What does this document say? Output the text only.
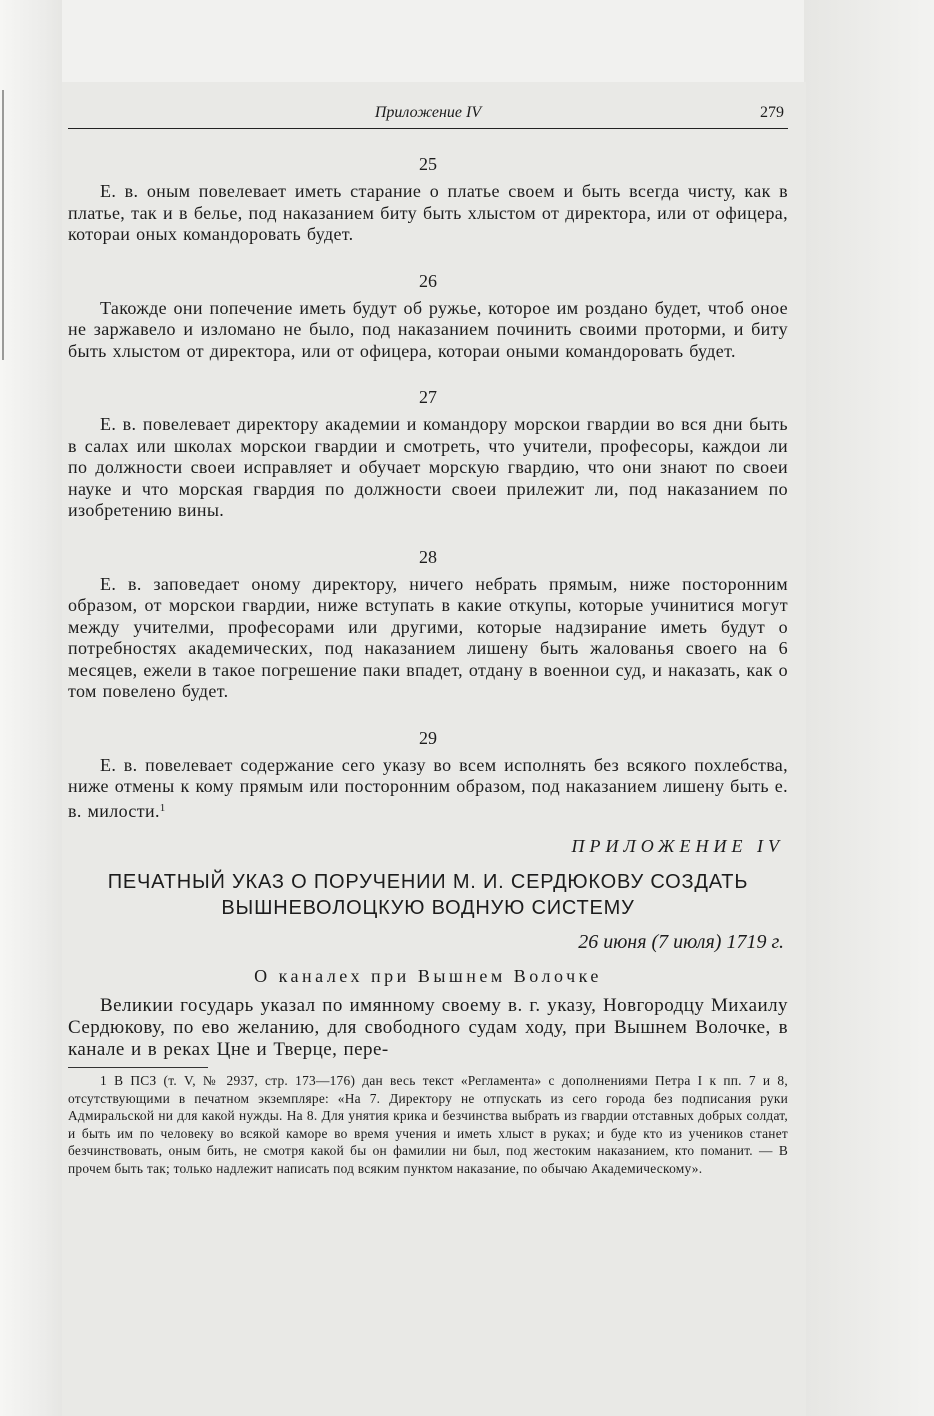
Приложение IV	279
25

Е. в. оным повелевает иметь старание о платье своем и быть всегда чисту, как в платье, так и в белье, под наказанием биту быть хлыстом от директора, или от офицера, котораи оных командоровать будет.

26

Такожде они попечение иметь будут об ружье, которое им роздано будет, чтоб оное не заржавело и изломано не было, под наказанием починить своими проторми, и биту быть хлыстом от директора, или от офицера, котораи оными командоровать будет.

27

Е. в. повелевает директору академии и командору морскои гвардии во вся дни быть в салах или школах морскои гвардии и смотреть, что учители, професоры, каждои ли по должности своеи исправляет и обучает морскую гвардию, что они знают по своеи науке и что морская гвардия по должности своеи прилежит ли, под наказанием по изобретению вины.

28

Е. в. заповедает оному директору, ничего небрать прямым, ниже посторонним образом, от морскои гвардии, ниже вступать в какие откупы, которые учинитися могут между учителми, професорами или другими, которые надзирание иметь будут о потребностях академических, под наказанием лишену быть жалованья своего на 6 месяцев, ежели в такое погрешение паки впадет, отдану в военнои суд, и наказать, как о том повелено будет.

29

Е. в. повелевает содержание сего указу во всем исполнять без всякого похлебства, ниже отмены к кому прямым или посторонним образом, под наказанием лишену быть е. в. милости.$^1$

ПРИЛОЖЕНИЕ IV
ПЕЧАТНЫЙ УКАЗ О ПОРУЧЕНИИ М. И. СЕРДЮКОВУ СОЗДАТЬ
ВЫШНЕВОЛОЦКУЮ ВОДНУЮ СИСТЕМУ
26 июня (7 июля) 1719 г.
О каналех при Вышнем Волочке

Великии государь указал по имянному своему в. г. указу, Новгородцу Михаилу Сердюкову, по ево желанию, для свободного судам ходу, при Вышнем Волочке, в канале и в реках Цне и Тверце, пере-

1 В ПСЗ (т. V, № 2937, стр. 173—176) дан весь текст «Регламента» с дополнениями Петра I к пп. 7 и 8, отсутствующими в печатном экземпляре: «На 7. Директору не отпускать из сего города без подписания руки Адмиральской ни для какой нужды. На 8. Для унятия крика и безчинства выбрать из гвардии отставных добрых солдат, и быть им по человеку во всякой каморе во время учения и иметь хлыст в руках; и буде кто из учеников станет безчинствовать, оным бить, не смотря какой бы он фамилии ни был, под жестоким наказанием, кто поманит. — В прочем быть так; только надлежит написать под всяким пунктом наказание, по обычаю Академическому».
